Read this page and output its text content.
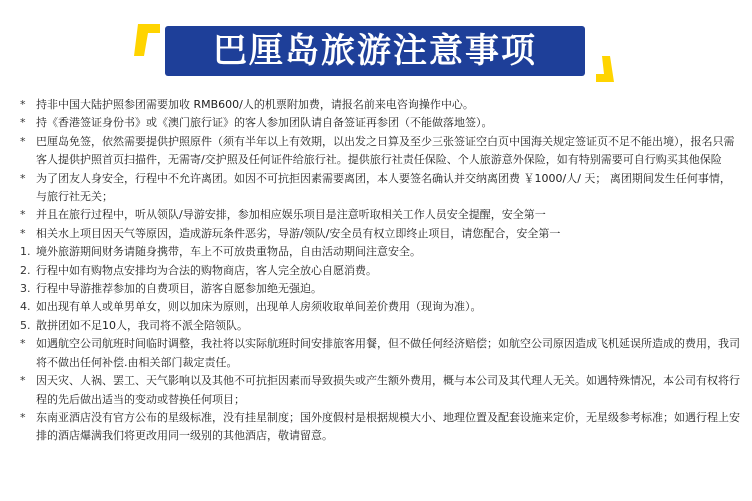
巴厘岛旅游注意事项
* 持非中国大陆护照参团需要加收 RMB600/人的机票附加费，请报名前来电咨询操作中心。
* 持《香港签证身份书》或《澳门旅行证》的客人参加团队请自备签证再参团（不能做落地签）。
* 巴厘岛免签，依然需要提供护照原件（须有半年以上有效期，以出发之日算及至少三张签证空白页中国海关规定签证页不足不能出境），报名只需客人提供护照首页扫描件，无需寄/交护照及任何证件给旅行社。提供旅行社责任保险、个人旅游意外保险，如有特别需要可自行购买其他保险
* 为了团友人身安全，行程中不允许离团。如因不可抗拒因素需要离团，本人要签名确认并交纳离团费 ￥1000/人/ 天； 离团期间发生任何事情，与旅行社无关；
* 并且在旅行过程中，听从领队/导游安排，参加相应娱乐项目是注意听取相关工作人员安全提醒，安全第一
* 相关水上项目因天气等原因，造成游玩条件恶劣，导游/领队/安全员有权立即终止项目，请您配合，安全第一
1. 境外旅游期间财务请随身携带，车上不可放贵重物品，自由活动期间注意安全。
2. 行程中如有购物点安排均为合法的购物商店，客人完全放心自愿消费。
3. 行程中导游推荐参加的自费项目，游客自愿参加绝无强迫。
4. 如出现有单人或单男单女，则以加床为原则，出现单人房须收取单间差价费用（现询为准）。
5. 散拼团如不足10人，我司将不派全陪领队。
* 如遇航空公司航班时间临时调整，我社将以实际航班时间安排旅客用餐，但不做任何经济赔偿；如航空公司原因造成飞机延误所造成的费用，我司将不做出任何补偿.由相关部门裁定责任。
* 因天灾、人祸、罢工、天气影响以及其他不可抗拒因素而导致损失或产生额外费用，概与本公司及其代理人无关。如遇特殊情况，本公司有权将行程的先后做出适当的变动或替换任何项目；
* 东南亚酒店没有官方公布的星级标准，没有挂星制度；国外度假村是根据规模大小、地理位置及配套设施来定价，无星级参考标准；如遇行程上安排的酒店爆满我们将更改用同一级别的其他酒店，敬请留意。
